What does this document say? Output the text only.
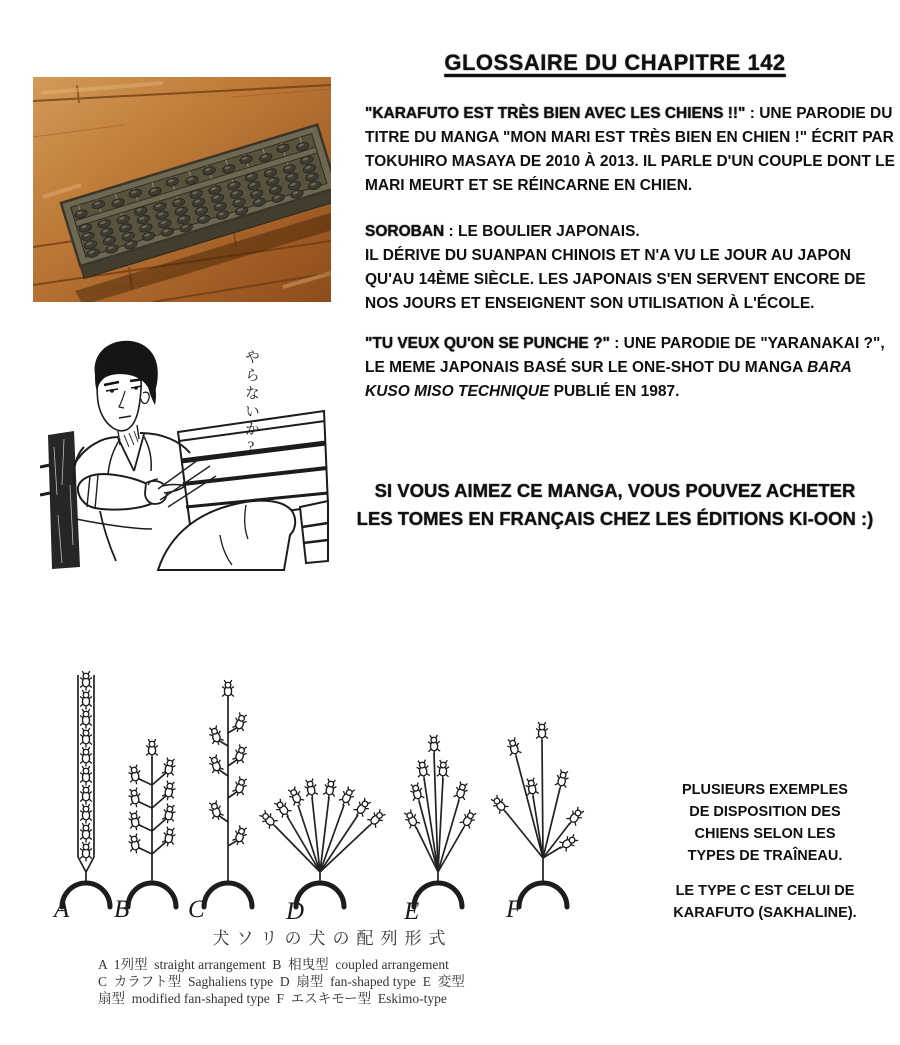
GLOSSAIRE DU CHAPITRE 142
"KARAFUTO EST TRÈS BIEN AVEC LES CHIENS !!" : UNE PARODIE DU TITRE DU MANGA "MON MARI EST TRÈS BIEN EN CHIEN !" ÉCRIT PAR TOKUHIRO MASAYA DE 2010 À 2013. IL PARLE D'UN COUPLE DONT LE MARI MEURT ET SE RÉINCARNE EN CHIEN.
SOROBAN : LE BOULIER JAPONAIS.
IL DÉRIVE DU SUANPAN CHINOIS ET N'A VU LE JOUR AU JAPON QU'AU 14ÈME SIÈCLE. LES JAPONAIS S'EN SERVENT ENCORE DE NOS JOURS ET ENSEIGNENT SON UTILISATION À L'ÉCOLE.
"TU VEUX QU'ON SE PUNCHE ?" : UNE PARODIE DE "YARANAKAI ?", LE MEME JAPONAIS BASÉ SUR LE ONE-SHOT DU MANGA BARA KUSO MISO TECHNIQUE PUBLIÉ EN 1987.
やらないか?
SI VOUS AIMEZ CE MANGA, VOUS POUVEZ ACHETER
LES TOMES EN FRANÇAIS CHEZ LES ÉDITIONS KI-OON :)
A B C	D	E	F
PLUSIEURS EXEMPLES
DE DISPOSITION DES
CHIENS SELON LES
TYPES DE TRAÎNEAU.
LE TYPE C EST CELUI DE
KARAFUTO (SAKHALINE).
犬ソリの犬の配列形式
A  1列型  straight arrangement  B  相曳型  coupled arrangement
C  カラフト型  Saghaliens type  D  扇型  fan-shaped type  E  変型
扇型  modified fan-shaped type  F  エスキモー型  Eskimo-type
